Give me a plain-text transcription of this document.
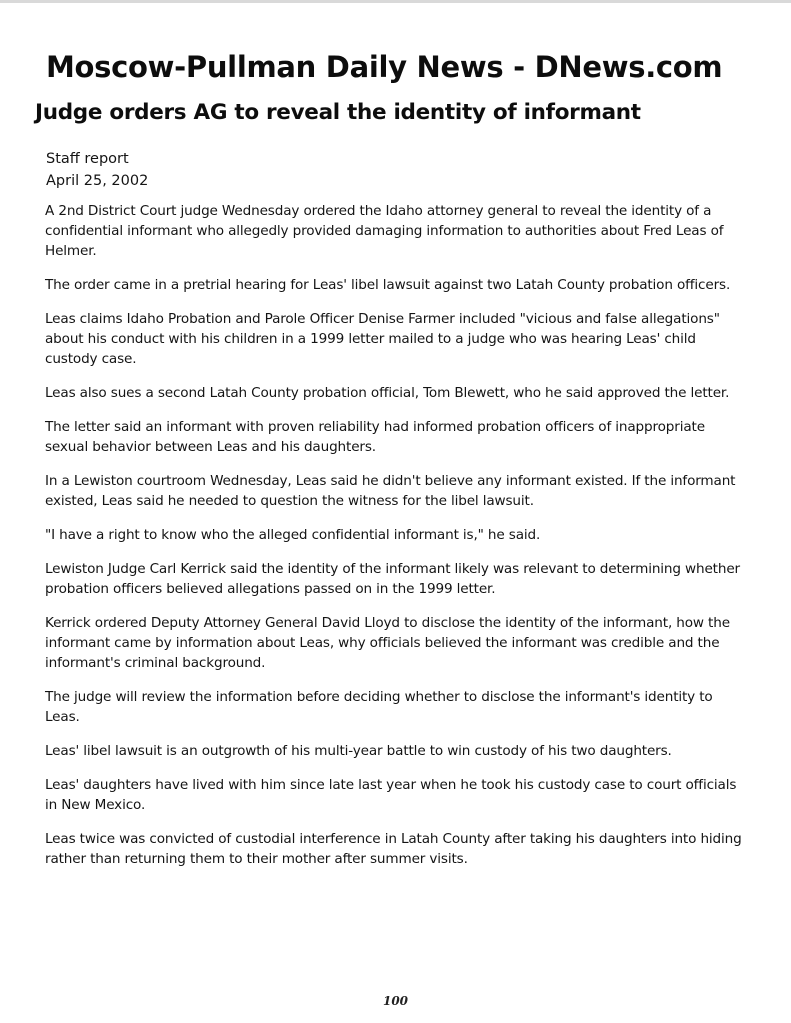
Moscow-Pullman Daily News - DNews.com
Judge orders AG to reveal the identity of informant
Staff report
April 25, 2002

A 2nd District Court judge Wednesday ordered the Idaho attorney general to reveal the identity of a confidential informant who allegedly provided damaging information to authorities about Fred Leas of Helmer.

The order came in a pretrial hearing for Leas' libel lawsuit against two Latah County probation officers.

Leas claims Idaho Probation and Parole Officer Denise Farmer included "vicious and false allegations" about his conduct with his children in a 1999 letter mailed to a judge who was hearing Leas' child custody case.

Leas also sues a second Latah County probation official, Tom Blewett, who he said approved the letter.

The letter said an informant with proven reliability had informed probation officers of inappropriate sexual behavior between Leas and his daughters.

In a Lewiston courtroom Wednesday, Leas said he didn't believe any informant existed. If the informant existed, Leas said he needed to question the witness for the libel lawsuit.

"I have a right to know who the alleged confidential informant is," he said.

Lewiston Judge Carl Kerrick said the identity of the informant likely was relevant to determining whether probation officers believed allegations passed on in the 1999 letter.

Kerrick ordered Deputy Attorney General David Lloyd to disclose the identity of the informant, how the informant came by information about Leas, why officials believed the informant was credible and the informant's criminal background.

The judge will review the information before deciding whether to disclose the informant's identity to Leas.

Leas' libel lawsuit is an outgrowth of his multi-year battle to win custody of his two daughters.

Leas' daughters have lived with him since late last year when he took his custody case to court officials in New Mexico.

Leas twice was convicted of custodial interference in Latah County after taking his daughters into hiding rather than returning them to their mother after summer visits.

100
